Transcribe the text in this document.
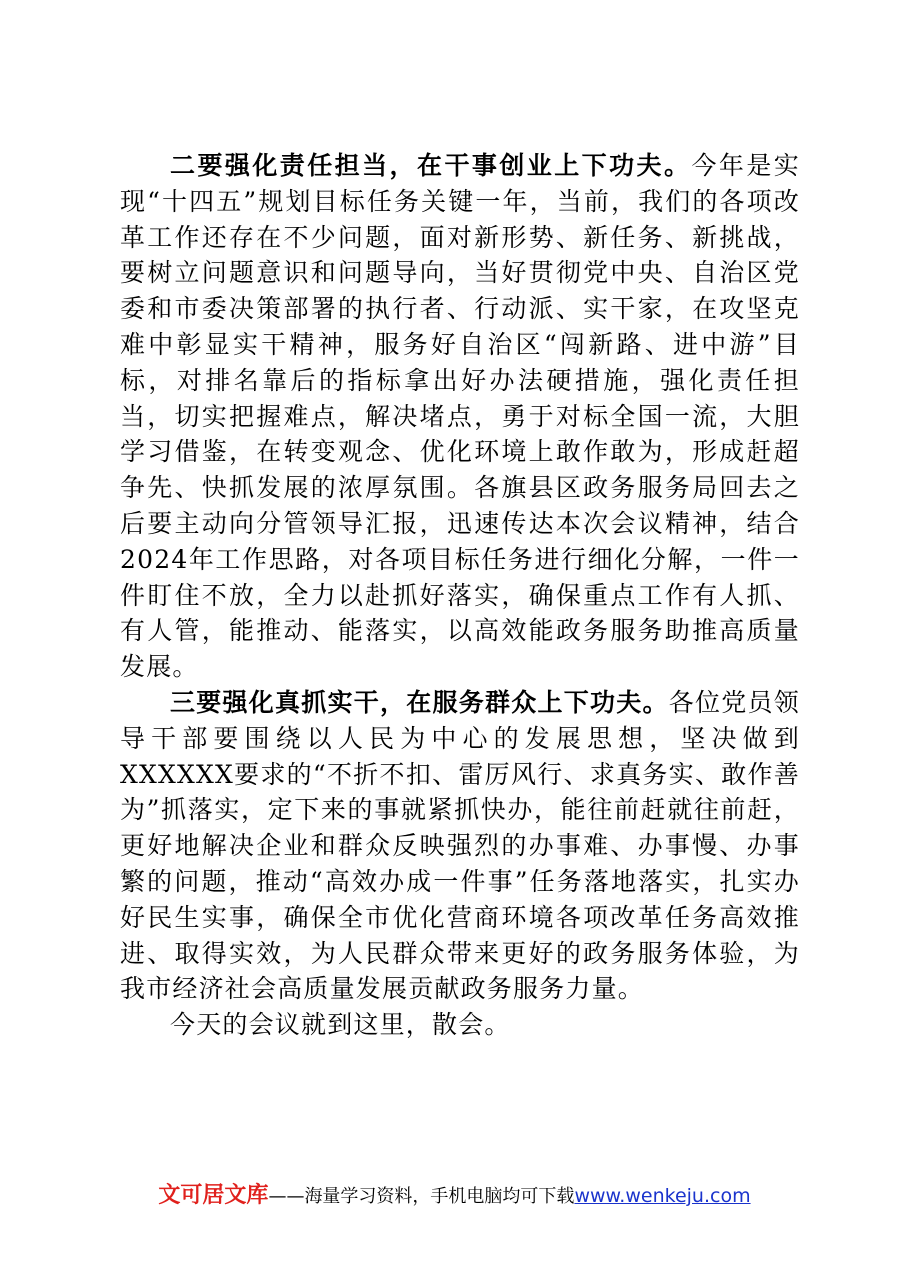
二要强化责任担当，在干事创业上下功夫。今年是实现“十四五”规划目标任务关键一年，当前，我们的各项改革工作还存在不少问题，面对新形势、新任务、新挑战，要树立问题意识和问题导向，当好贯彻党中央、自治区党委和市委决策部署的执行者、行动派、实干家，在攻坚克难中彰显实干精神，服务好自治区“闯新路、进中游”目标，对排名靠后的指标拿出好办法硬措施，强化责任担当，切实把握难点，解决堵点，勇于对标全国一流，大胆学习借鉴，在转变观念、优化环境上敢作敢为，形成赶超争先、快抓发展的浓厚氛围。各旗县区政务服务局回去之后要主动向分管领导汇报，迅速传达本次会议精神，结合2024年工作思路，对各项目标任务进行细化分解，一件一件盯住不放，全力以赴抓好落实，确保重点工作有人抓、有人管，能推动、能落实，以高效能政务服务助推高质量发展。

三要强化真抓实干，在服务群众上下功夫。各位党员领导干部要围绕以人民为中心的发展思想，坚决做到XXXXXX要求的“不折不扣、雷厉风行、求真务实、敢作善为”抓落实，定下来的事就紧抓快办，能往前赶就往前赶，更好地解决企业和群众反映强烈的办事难、办事慢、办事繁的问题，推动“高效办成一件事”任务落地落实，扎实办好民生实事，确保全市优化营商环境各项改革任务高效推进、取得实效，为人民群众带来更好的政务服务体验，为我市经济社会高质量发展贡献政务服务力量。

今天的会议就到这里，散会。

文可居文库——海量学习资料，手机电脑均可下载www.wenkeju.com
